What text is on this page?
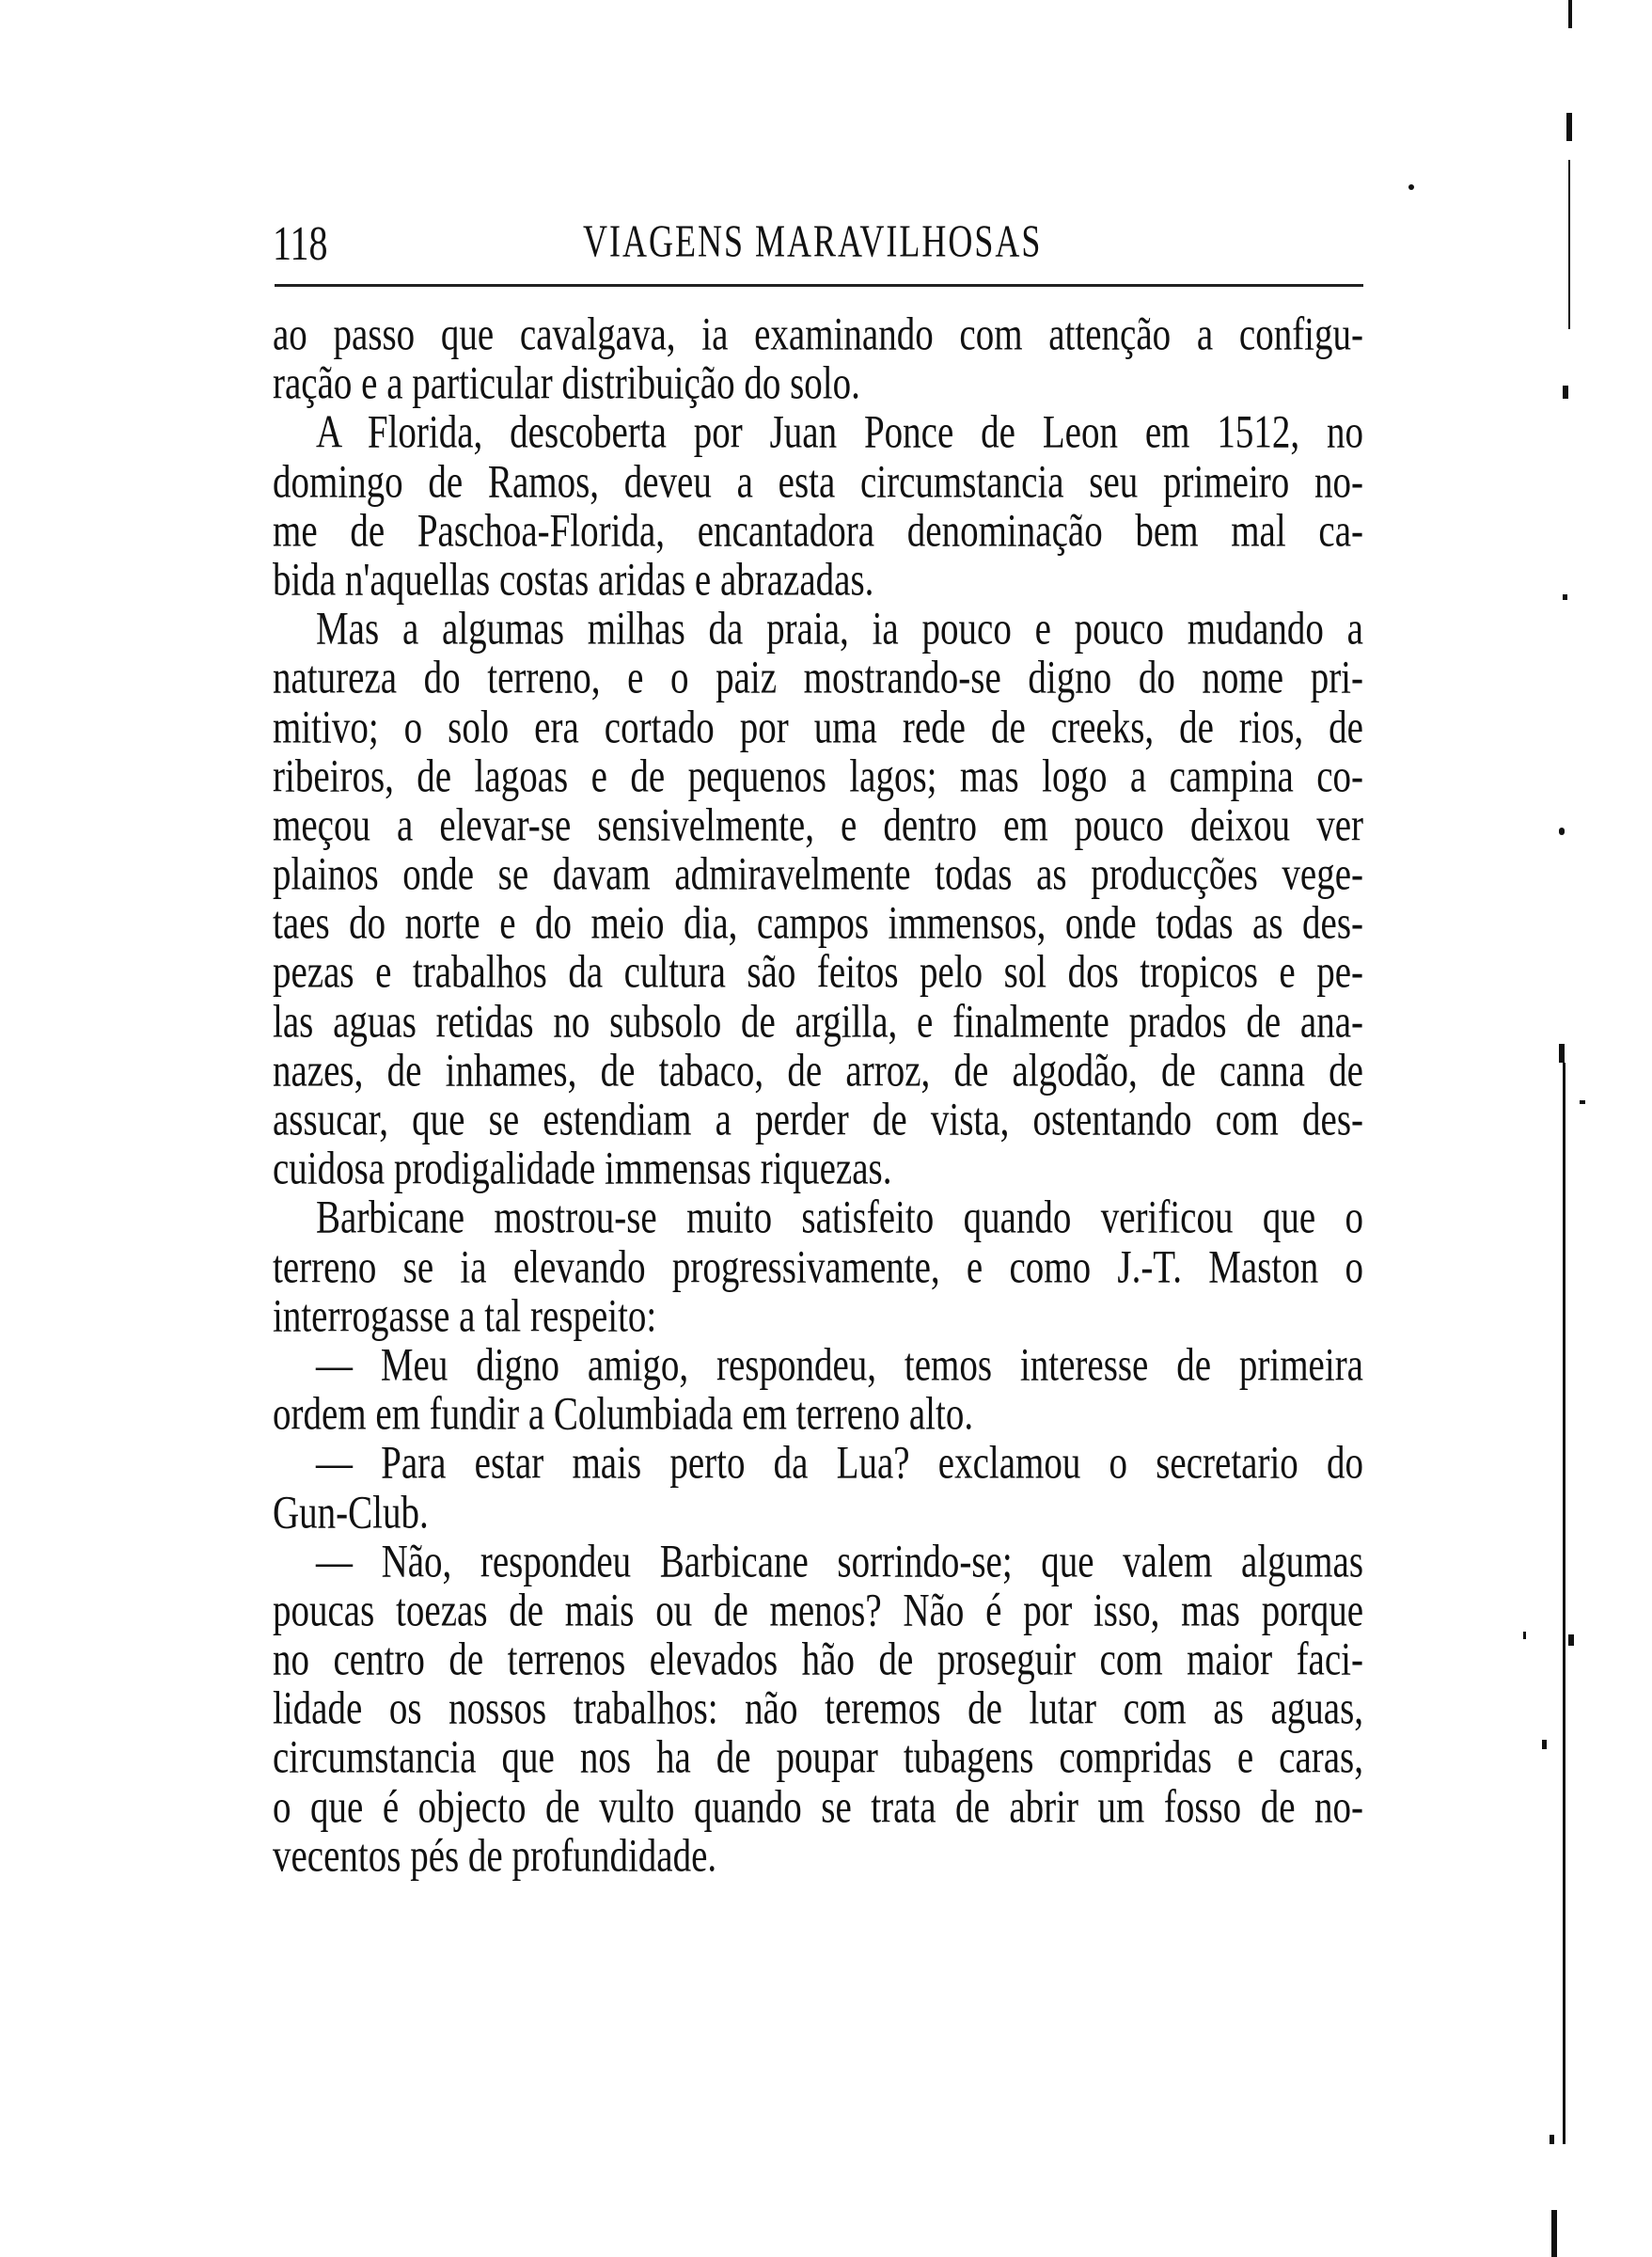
118	VIAGENS MARAVILHOSAS
ao passo que cavalgava, ia examinando com attenção a configu-
ração e a particular distribuição do solo.
A Florida, descoberta por Juan Ponce de Leon em 1512, no
domingo de Ramos, deveu a esta circumstancia seu primeiro no-
me de Paschoa-Florida, encantadora denominação bem mal ca-
bida n'aquellas costas aridas e abrazadas.
Mas a algumas milhas da praia, ia pouco e pouco mudando a
natureza do terreno, e o paiz mostrando-se digno do nome pri-
mitivo; o solo era cortado por uma rede de creeks, de rios, de
ribeiros, de lagoas e de pequenos lagos; mas logo a campina co-
meçou a elevar-se sensivelmente, e dentro em pouco deixou ver
plainos onde se davam admiravelmente todas as producções vege-
taes do norte e do meio dia, campos immensos, onde todas as des-
pezas e trabalhos da cultura são feitos pelo sol dos tropicos e pe-
las aguas retidas no subsolo de argilla, e finalmente prados de ana-
nazes, de inhames, de tabaco, de arroz, de algodão, de canna de
assucar, que se estendiam a perder de vista, ostentando com des-
cuidosa prodigalidade immensas riquezas.
Barbicane mostrou-se muito satisfeito quando verificou que o
terreno se ia elevando progressivamente, e como J.-T. Maston o
interrogasse a tal respeito:
— Meu digno amigo, respondeu, temos interesse de primeira
ordem em fundir a Columbiada em terreno alto.
— Para estar mais perto da Lua? exclamou o secretario do
Gun-Club.
— Não, respondeu Barbicane sorrindo-se; que valem algumas
poucas toezas de mais ou de menos? Não é por isso, mas porque
no centro de terrenos elevados hão de proseguir com maior faci-
lidade os nossos trabalhos: não teremos de lutar com as aguas,
circumstancia que nos ha de poupar tubagens compridas e caras,
o que é objecto de vulto quando se trata de abrir um fosso de no-
vecentos pés de profundidade.
